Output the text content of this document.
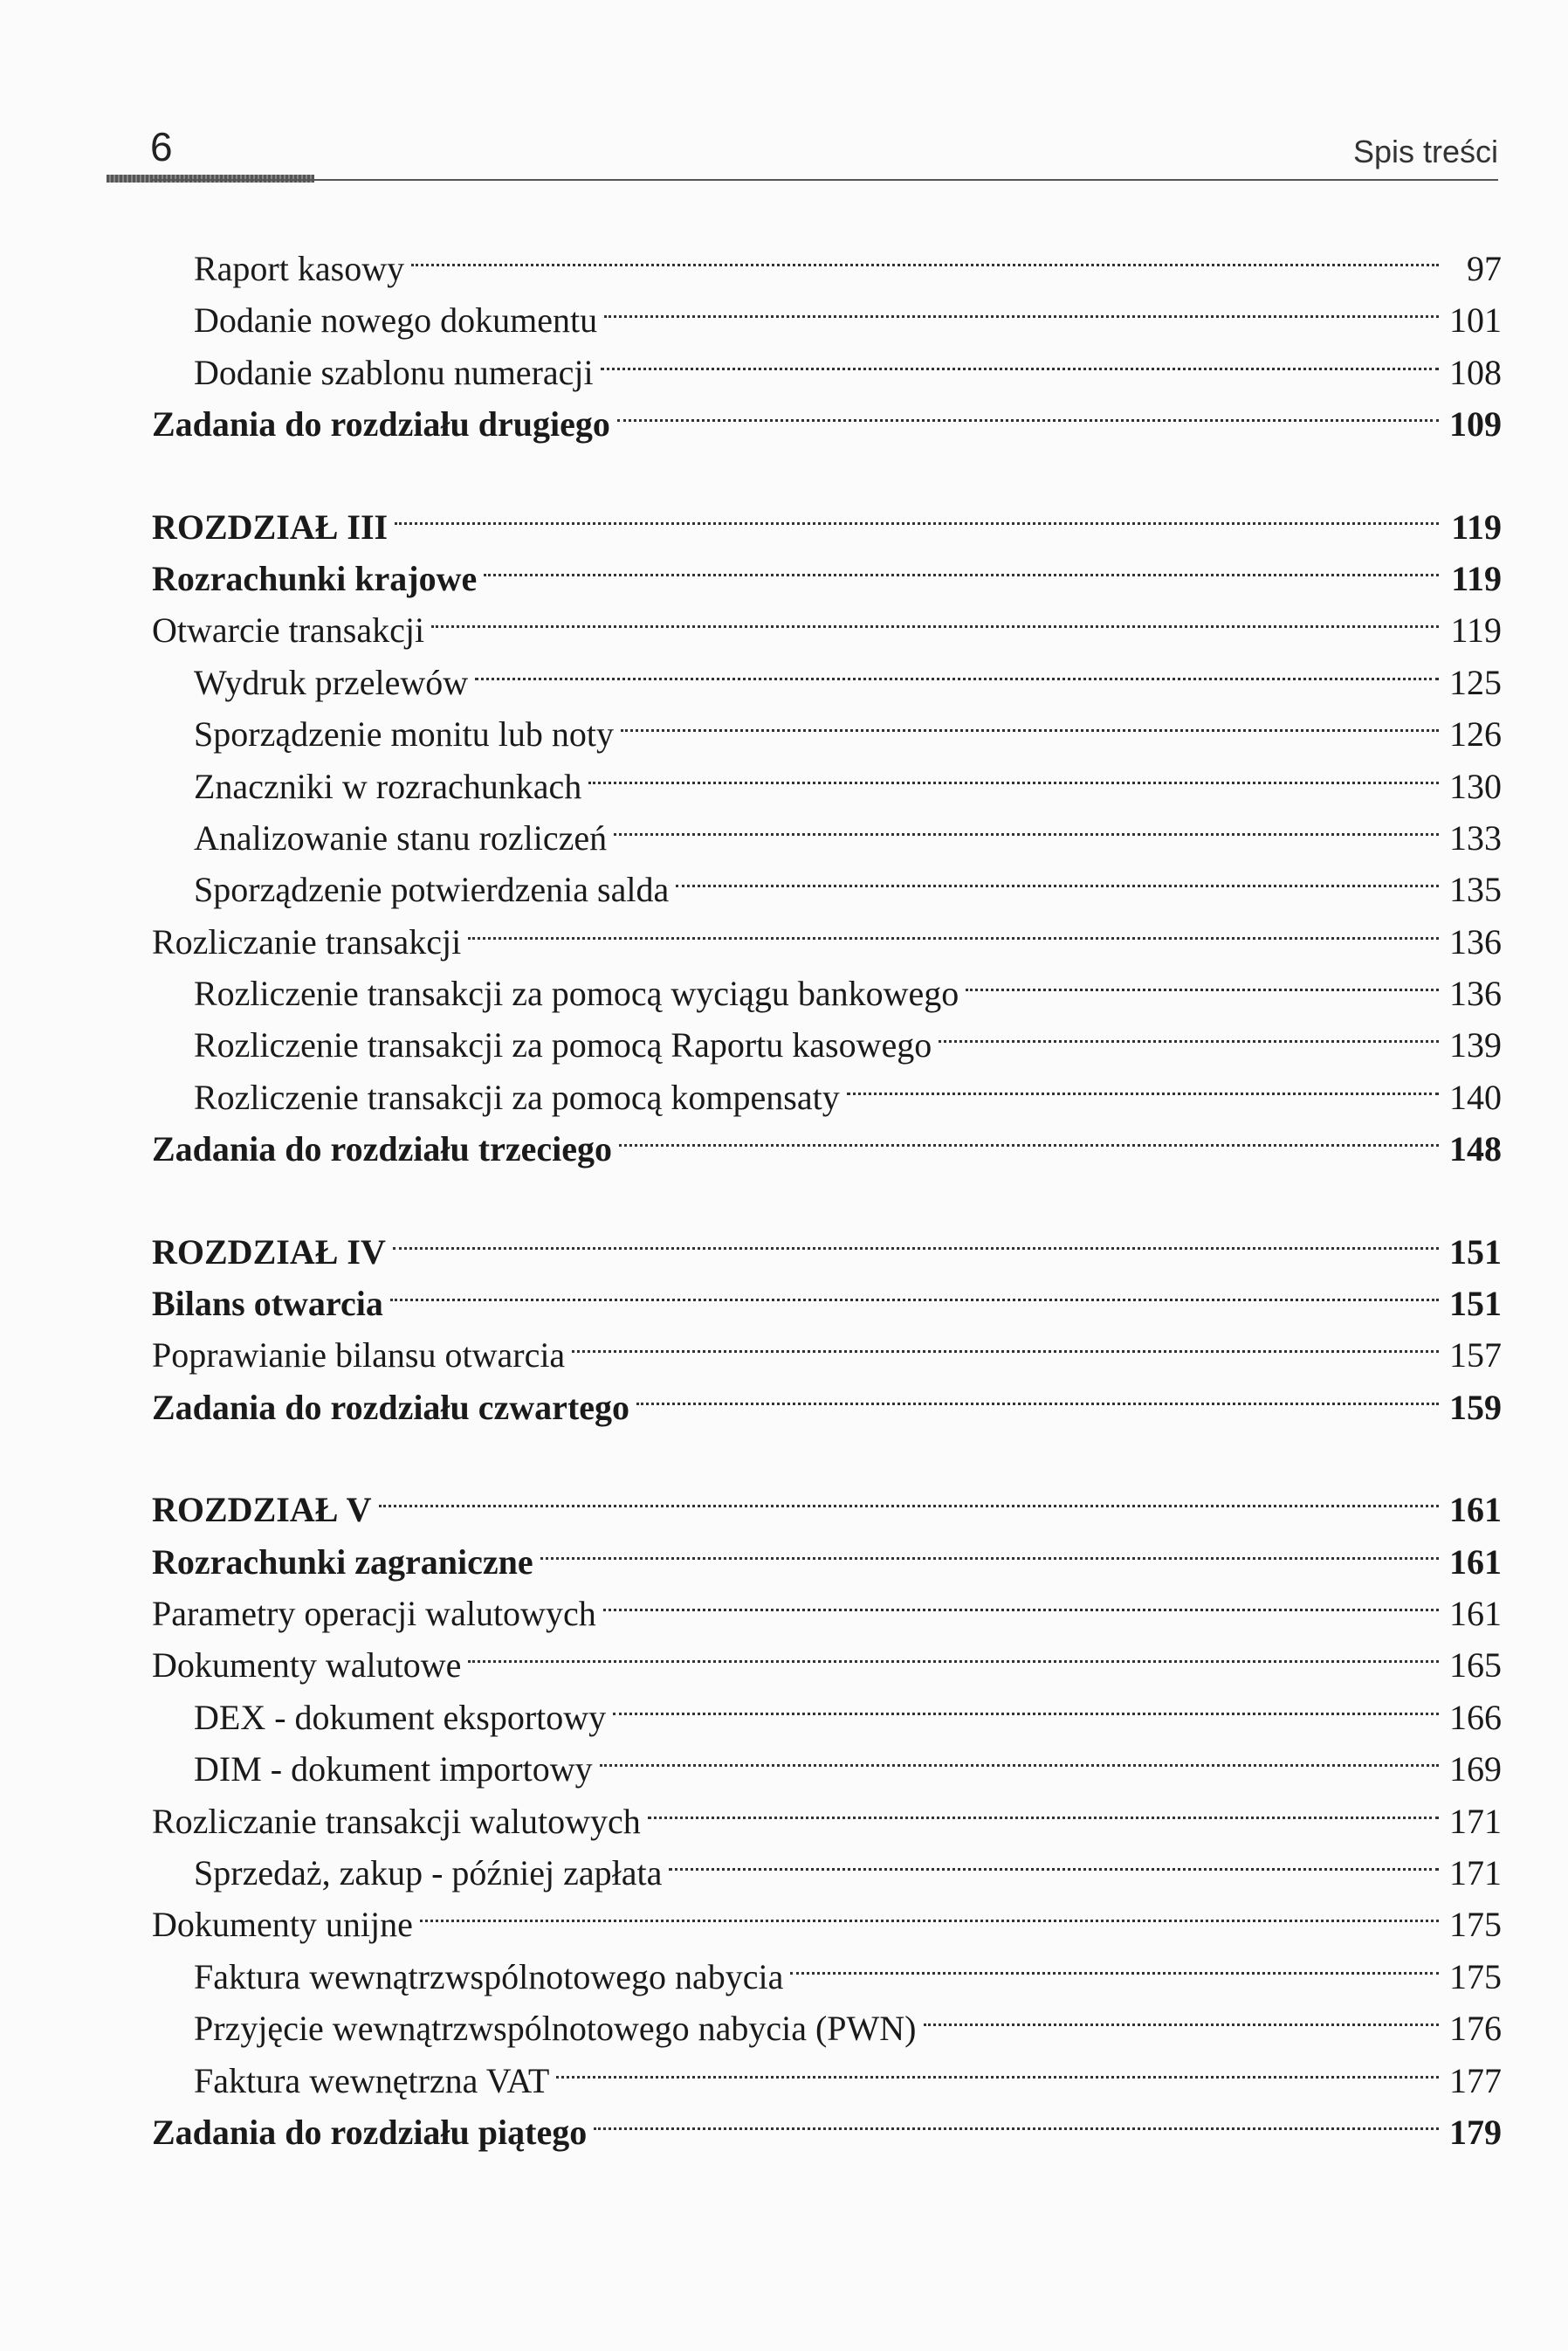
6	Spis treści
Raport kasowy	97
Dodanie nowego dokumentu	101
Dodanie szablonu numeracji	108
Zadania do rozdziału drugiego	109
ROZDZIAŁ III	119
Rozrachunki krajowe	119
Otwarcie transakcji	119
Wydruk przelewów	125
Sporządzenie monitu lub noty	126
Znaczniki w rozrachunkach	130
Analizowanie stanu rozliczeń	133
Sporządzenie potwierdzenia salda	135
Rozliczanie transakcji	136
Rozliczenie transakcji za pomocą wyciągu bankowego	136
Rozliczenie transakcji za pomocą Raportu kasowego	139
Rozliczenie transakcji za pomocą kompensaty	140
Zadania do rozdziału trzeciego	148
ROZDZIAŁ IV	151
Bilans otwarcia	151
Poprawianie bilansu otwarcia	157
Zadania do rozdziału czwartego	159
ROZDZIAŁ V	161
Rozrachunki zagraniczne	161
Parametry operacji walutowych	161
Dokumenty walutowe	165
DEX - dokument eksportowy	166
DIM - dokument importowy	169
Rozliczanie transakcji walutowych	171
Sprzedaż, zakup - później zapłata	171
Dokumenty unijne	175
Faktura wewnątrzwspólnotowego nabycia	175
Przyjęcie wewnątrzwspólnotowego nabycia (PWN)	176
Faktura wewnętrzna VAT	177
Zadania do rozdziału piątego	179
